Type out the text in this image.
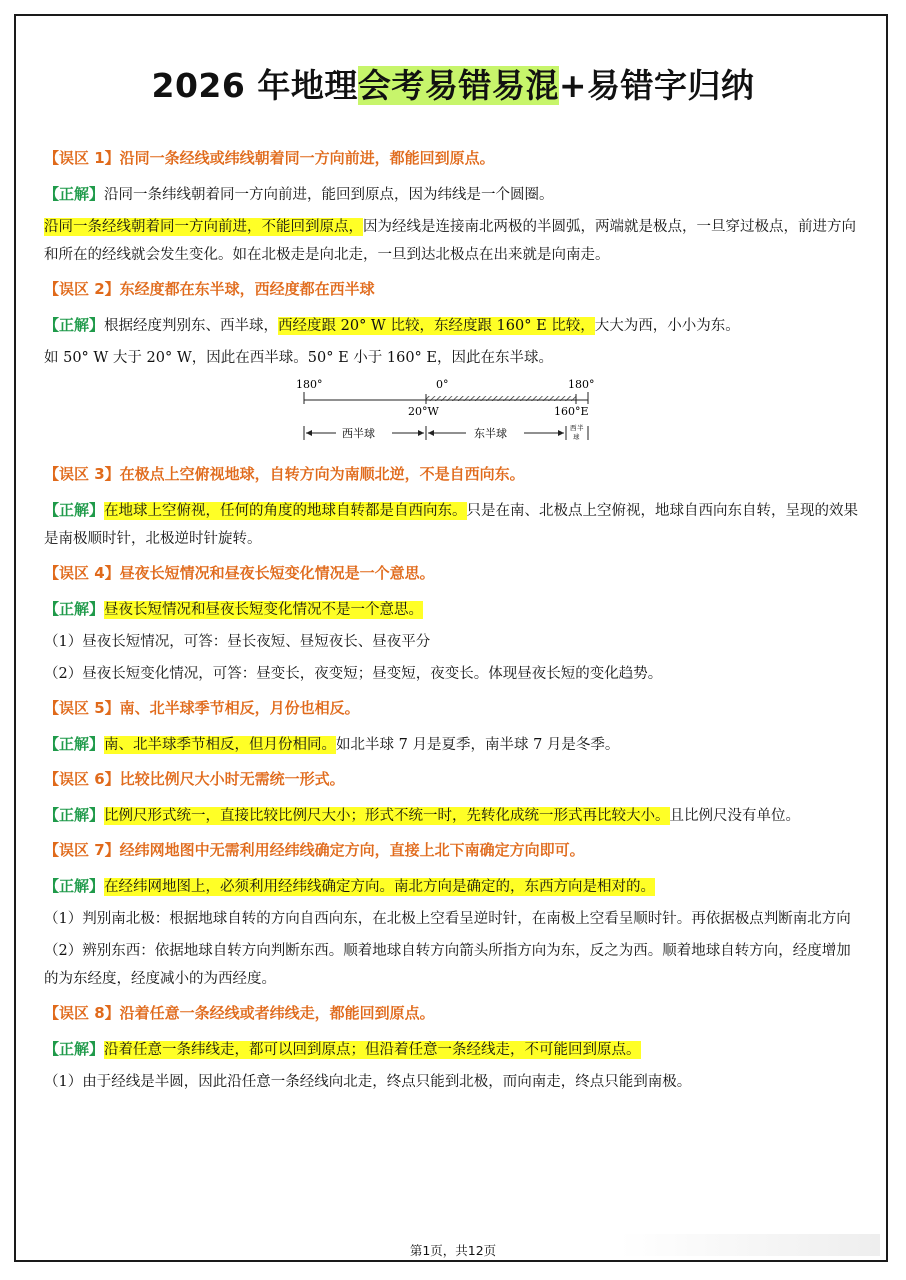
2026 年地理会考易错易混+易错字归纳
【误区 1】沿同一条经线或纬线朝着同一方向前进，都能回到原点。

【正解】沿同一条纬线朝着同一方向前进，能回到原点，因为纬线是一个圆圈。

沿同一条经线朝着同一方向前进，不能回到原点，因为经线是连接南北两极的半圆弧，两端就是极点，一旦穿过极点，前进方向和所在的经线就会发生变化。如在北极走是向北走，一旦到达北极点在出来就是向南走。

【误区 2】东经度都在东半球，西经度都在西半球

【正解】根据经度判别东、西半球，西经度跟 20° W 比较，东经度跟 160° E 比较，大大为西，小小为东。

如 50° W 大于 20° W，因此在西半球。50° E 小于 160° E，因此在东半球。

180°	0°	180°
20°W	160°E
西半球	东半球	西 半
球
【误区 3】在极点上空俯视地球，自转方向为南顺北逆，不是自西向东。

【正解】在地球上空俯视，任何的角度的地球自转都是自西向东。只是在南、北极点上空俯视，地球自西向东自转，呈现的效果是南极顺时针，北极逆时针旋转。

【误区 4】昼夜长短情况和昼夜长短变化情况是一个意思。

【正解】昼夜长短情况和昼夜长短变化情况不是一个意思。

（1）昼夜长短情况，可答：昼长夜短、昼短夜长、昼夜平分

（2）昼夜长短变化情况，可答：昼变长，夜变短；昼变短，夜变长。体现昼夜长短的变化趋势。

【误区 5】南、北半球季节相反，月份也相反。

【正解】南、北半球季节相反，但月份相同。如北半球 7 月是夏季，南半球 7 月是冬季。

【误区 6】比较比例尺大小时无需统一形式。

【正解】比例尺形式统一，直接比较比例尺大小；形式不统一时，先转化成统一形式再比较大小。且比例尺没有单位。

【误区 7】经纬网地图中无需利用经纬线确定方向，直接上北下南确定方向即可。

【正解】在经纬网地图上，必须利用经纬线确定方向。南北方向是确定的，东西方向是相对的。

（1）判别南北极：根据地球自转的方向自西向东，在北极上空看呈逆时针，在南极上空看呈顺时针。再依据极点判断南北方向

（2）辨别东西：依据地球自转方向判断东西。顺着地球自转方向箭头所指方向为东，反之为西。顺着地球自转方向，经度增加的为东经度，经度减小的为西经度。

【误区 8】沿着任意一条经线或者纬线走，都能回到原点。

【正解】沿着任意一条纬线走，都可以回到原点；但沿着任意一条经线走，不可能回到原点。

（1）由于经线是半圆，因此沿任意一条经线向北走，终点只能到北极，而向南走，终点只能到南极。

第1页，共12页
